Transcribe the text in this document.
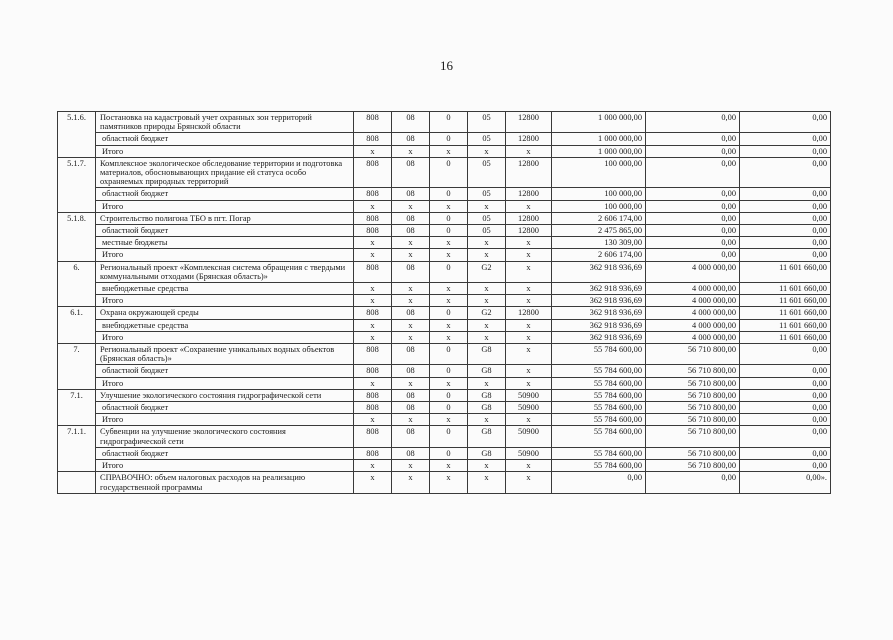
16
5.1.6.	Постановка на кадастровый учет охранных зон территорий памятников природы Брянской области	808	08	0	05	12800	1 000 000,00	0,00	0,00
	областной бюджет	808	08	0	05	12800	1 000 000,00	0,00	0,00
	Итого	х	х	х	х	х	1 000 000,00	0,00	0,00
5.1.7.	Комплексное экологическое обследование территории и подготовка материалов, обосновывающих придание ей статуса особо охраняемых природных территорий	808	08	0	05	12800	100 000,00	0,00	0,00
	областной бюджет	808	08	0	05	12800	100 000,00	0,00	0,00
	Итого	х	х	х	х	х	100 000,00	0,00	0,00
5.1.8.	Строительство полигона ТБО в пгт. Погар	808	08	0	05	12800	2 606 174,00	0,00	0,00
	областной бюджет	808	08	0	05	12800	2 475 865,00	0,00	0,00
	местные бюджеты	х	х	х	х	х	130 309,00	0,00	0,00
	Итого	х	х	х	х	х	2 606 174,00	0,00	0,00
6.	Региональный проект «Комплексная система обращения с твердыми коммунальными отходами (Брянская область)»	808	08	0	G2	х	362 918 936,69	4 000 000,00	11 601 660,00
	внебюджетные средства	х	х	х	х	х	362 918 936,69	4 000 000,00	11 601 660,00
	Итого	х	х	х	х	х	362 918 936,69	4 000 000,00	11 601 660,00
6.1.	Охрана окружающей среды	808	08	0	G2	12800	362 918 936,69	4 000 000,00	11 601 660,00
	внебюджетные средства	х	х	х	х	х	362 918 936,69	4 000 000,00	11 601 660,00
	Итого	х	х	х	х	х	362 918 936,69	4 000 000,00	11 601 660,00
7.	Региональный проект «Сохранение уникальных водных объектов (Брянская область)»	808	08	0	G8	х	55 784 600,00	56 710 800,00	0,00
	областной бюджет	808	08	0	G8	х	55 784 600,00	56 710 800,00	0,00
	Итого	х	х	х	х	х	55 784 600,00	56 710 800,00	0,00
7.1.	Улучшение экологического состояния гидрографической сети	808	08	0	G8	50900	55 784 600,00	56 710 800,00	0,00
	областной бюджет	808	08	0	G8	50900	55 784 600,00	56 710 800,00	0,00
	Итого	х	х	х	х	х	55 784 600,00	56 710 800,00	0,00
7.1.1.	Субвенции на улучшение экологического состояния гидрографической сети	808	08	0	G8	50900	55 784 600,00	56 710 800,00	0,00
	областной бюджет	808	08	0	G8	50900	55 784 600,00	56 710 800,00	0,00
	Итого	х	х	х	х	х	55 784 600,00	56 710 800,00	0,00
	СПРАВОЧНО: объем налоговых расходов на реализацию государственной программы	х	х	х	х	х	0,00	0,00	0,00».
